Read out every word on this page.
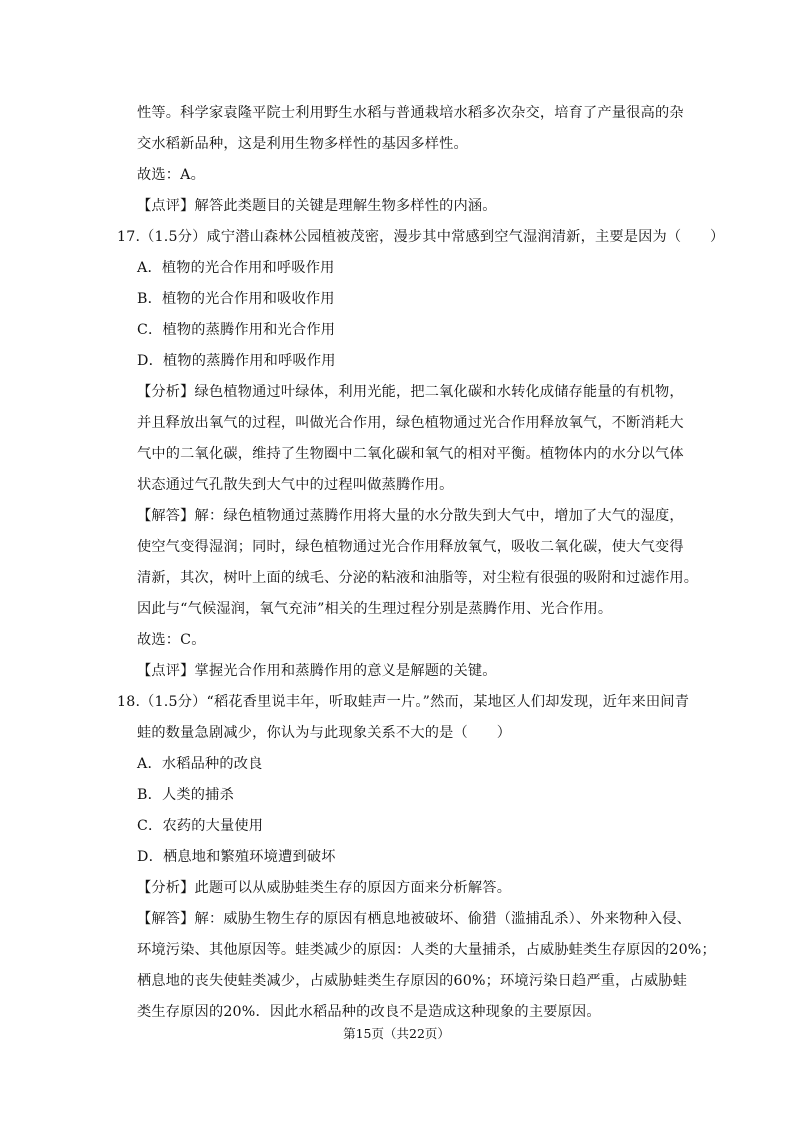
性等。科学家袁隆平院士利用野生水稻与普通栽培水稻多次杂交，培育了产量很高的杂
交水稻新品种，这是利用生物多样性的基因多样性。
故选：A。
【点评】解答此类题目的关键是理解生物多样性的内涵。
17.（1.5分）咸宁潜山森林公园植被茂密，漫步其中常感到空气湿润清新，主要是因为（　　）
A．植物的光合作用和呼吸作用
B．植物的光合作用和吸收作用
C．植物的蒸腾作用和光合作用
D．植物的蒸腾作用和呼吸作用
【分析】绿色植物通过叶绿体，利用光能，把二氧化碳和水转化成储存能量的有机物，
并且释放出氧气的过程，叫做光合作用，绿色植物通过光合作用释放氧气，不断消耗大
气中的二氧化碳，维持了生物圈中二氧化碳和氧气的相对平衡。植物体内的水分以气体
状态通过气孔散失到大气中的过程叫做蒸腾作用。
【解答】解：绿色植物通过蒸腾作用将大量的水分散失到大气中，增加了大气的湿度，
使空气变得湿润；同时，绿色植物通过光合作用释放氧气，吸收二氧化碳，使大气变得
清新，其次，树叶上面的绒毛、分泌的粘液和油脂等，对尘粒有很强的吸附和过滤作用。
因此与“气候湿润，氧气充沛”相关的生理过程分别是蒸腾作用、光合作用。
故选：C。
【点评】掌握光合作用和蒸腾作用的意义是解题的关键。
18.（1.5分）“稻花香里说丰年，听取蛙声一片。”然而，某地区人们却发现，近年来田间青
蛙的数量急剧减少，你认为与此现象关系不大的是（　　）
A．水稻品种的改良
B．人类的捕杀
C．农药的大量使用
D．栖息地和繁殖环境遭到破坏
【分析】此题可以从威胁蛙类生存的原因方面来分析解答。
【解答】解：威胁生物生存的原因有栖息地被破坏、偷猎（滥捕乱杀）、外来物种入侵、
环境污染、其他原因等。蛙类减少的原因：人类的大量捕杀，占威胁蛙类生存原因的20%；
栖息地的丧失使蛙类减少，占威胁蛙类生存原因的60%；环境污染日趋严重，占威胁蛙
类生存原因的20%．因此水稻品种的改良不是造成这种现象的主要原因。
第15页（共22页）
